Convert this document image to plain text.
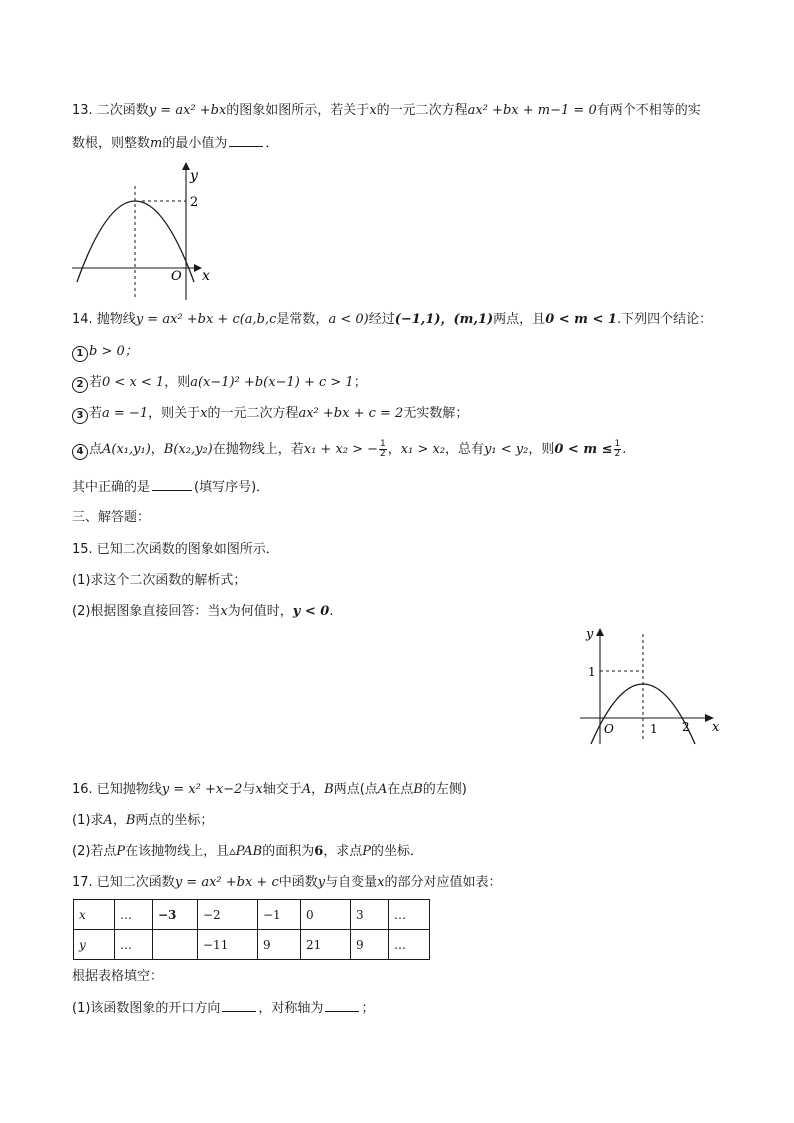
13. 二次函数y = ax² +bx的图象如图所示，若关于x的一元二次方程ax² +bx + m−1 = 0有两个不相等的实
数根，则整数m的最小值为	．
y
2
O x
14. 抛物线y = ax² +bx + c(a,b,c是常数，a < 0)经过(−1,1)，(m,1)两点，且0 < m < 1.下列四个结论：
1 b > 0；
2 若0 < x < 1，则a(x−1)² +b(x−1) + c > 1；
3 若a = −1，则关于x的一元二次方程ax² +bx + c = 2无实数解；
4 点A(x₁,y₁)，B(x₂,y₂)在抛物线上，若x₁ + x₂ > − $\frac{1}{2}$ ，x₁ > x₂，总有y₁ < y₂，则$0 < m \le \frac{1}{2}$ .
其中正确的是	(填写序号)．
三、解答题：
15. 已知二次函数的图象如图所示．
(1)求这个二次函数的解析式；
(2)根据图象直接回答：当x为何值时，y < 0.
y
1
O	1 2 x
16. 已知抛物线y = x² +x−2与x轴交于A，B两点(点A在点B的左侧)
(1)求A，B两点的坐标；
(2)若点P在该抛物线上，且▵PAB的面积为6，求点P的坐标．
17. 已知二次函数y = ax² +bx + c中函数y与自变量x的部分对应值如表：
x	…	−3	−2	−1	0	3	…
y	…		−11	9	21	9	…
根据表格填空：
(1)该函数图象的开口方向	，对称轴为	；
